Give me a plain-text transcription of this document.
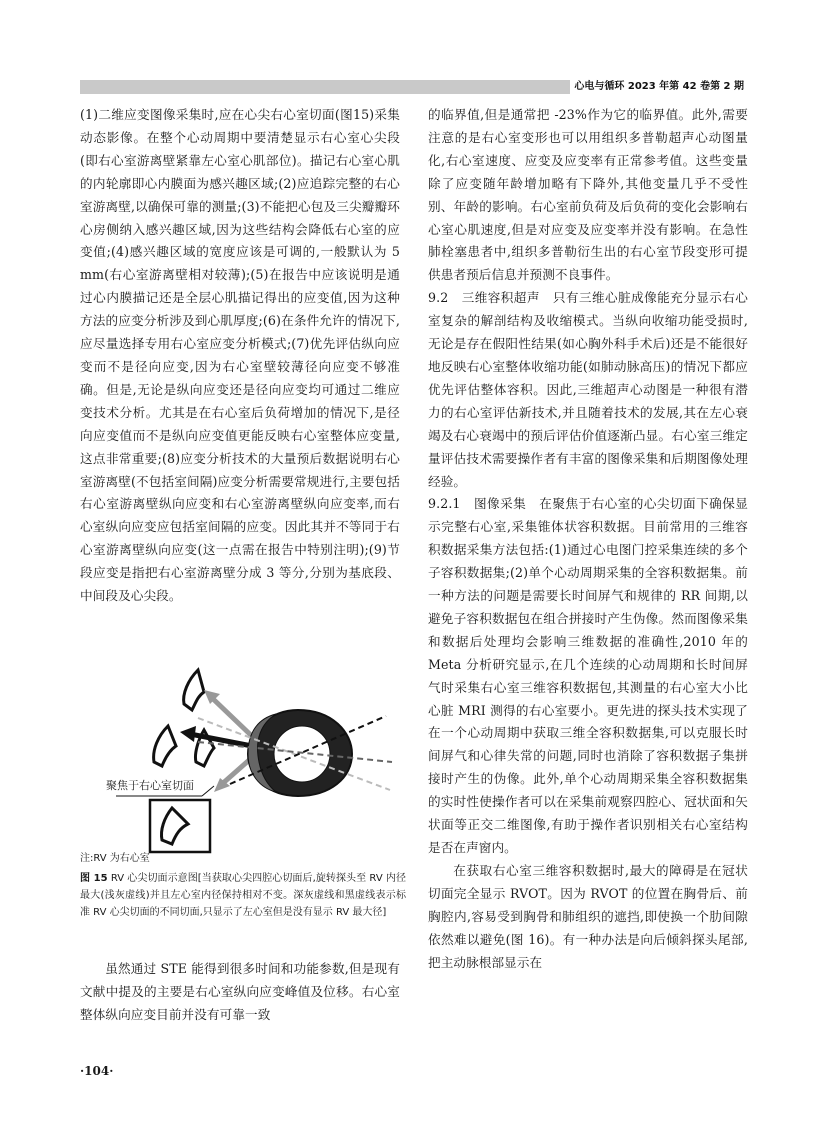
心电与循环 2023 年第 42 卷第 2 期

(1)二维应变图像采集时,应在心尖右心室切面(图15)采集动态影像。在整个心动周期中要清楚显示右心室心尖段(即右心室游离壁紧靠左心室心肌部位)。描记右心室心肌的内轮廓即心内膜面为感兴趣区域;(2)应追踪完整的右心室游离壁,以确保可靠的测量;(3)不能把心包及三尖瓣瓣环心房侧纳入感兴趣区域,因为这些结构会降低右心室的应变值;(4)感兴趣区域的宽度应该是可调的,一般默认为 5 mm(右心室游离壁相对较薄);(5)在报告中应该说明是通过心内膜描记还是全层心肌描记得出的应变值,因为这种方法的应变分析涉及到心肌厚度;(6)在条件允许的情况下,应尽量选择专用右心室应变分析模式;(7)优先评估纵向应变而不是径向应变,因为右心室壁较薄径向应变不够准确。但是,无论是纵向应变还是径向应变均可通过二维应变技术分析。尤其是在右心室后负荷增加的情况下,是径向应变值而不是纵向应变值更能反映右心室整体应变量,这点非常重要;(8)应变分析技术的大量预后数据说明右心室游离壁(不包括室间隔)应变分析需要常规进行,主要包括右心室游离壁纵向应变和右心室游离壁纵向应变率,而右心室纵向应变应包括室间隔的应变。因此其并不等同于右心室游离壁纵向应变(这一点需在报告中特别注明);(9)节段应变是指把右心室游离壁分成 3 等分,分别为基底段、中间段及心尖段。

聚焦于右心室切面
注:RV 为右心室
图 15 RV 心尖切面示意图[当获取心尖四腔心切面后,旋转探头至 RV 内径最大(浅灰虚线)并且左心室内径保持相对不变。深灰虚线和黑虚线表示标准 RV 心尖切面的不同切面,只显示了左心室但是没有显示 RV 最大径]

虽然通过 STE 能得到很多时间和功能参数,但是现有文献中提及的主要是右心室纵向应变峰值及位移。右心室整体纵向应变目前并没有可靠一致

的临界值,但是通常把 -23%作为它的临界值。此外,需要注意的是右心室变形也可以用组织多普勒超声心动图量化,右心室速度、应变及应变率有正常参考值。这些变量除了应变随年龄增加略有下降外,其他变量几乎不受性别、年龄的影响。右心室前负荷及后负荷的变化会影响右心室心肌速度,但是对应变及应变率并没有影响。在急性肺栓塞患者中,组织多普勒衍生出的右心室节段变形可提供患者预后信息并预测不良事件。

9.2　三维容积超声　只有三维心脏成像能充分显示右心室复杂的解剖结构及收缩模式。当纵向收缩功能受损时,无论是存在假阳性结果(如心胸外科手术后)还是不能很好地反映右心室整体收缩功能(如肺动脉高压)的情况下都应优先评估整体容积。因此,三维超声心动图是一种很有潜力的右心室评估新技术,并且随着技术的发展,其在左心衰竭及右心衰竭中的预后评估价值逐渐凸显。右心室三维定量评估技术需要操作者有丰富的图像采集和后期图像处理经验。

9.2.1　图像采集　在聚焦于右心室的心尖切面下确保显示完整右心室,采集锥体状容积数据。目前常用的三维容积数据采集方法包括:(1)通过心电图门控采集连续的多个子容积数据集;(2)单个心动周期采集的全容积数据集。前一种方法的问题是需要长时间屏气和规律的 RR 间期,以避免子容积数据包在组合拼接时产生伪像。然而图像采集和数据后处理均会影响三维数据的准确性,2010 年的 Meta 分析研究显示,在几个连续的心动周期和长时间屏气时采集右心室三维容积数据包,其测量的右心室大小比心脏 MRI 测得的右心室要小。更先进的探头技术实现了在一个心动周期中获取三维全容积数据集,可以克服长时间屏气和心律失常的问题,同时也消除了容积数据子集拼接时产生的伪像。此外,单个心动周期采集全容积数据集的实时性使操作者可以在采集前观察四腔心、冠状面和矢状面等正交二维图像,有助于操作者识别相关右心室结构是否在声窗内。

在获取右心室三维容积数据时,最大的障碍是在冠状切面完全显示 RVOT。因为 RVOT 的位置在胸骨后、前胸腔内,容易受到胸骨和肺组织的遮挡,即使换一个肋间隙依然难以避免(图 16)。有一种办法是向后倾斜探头尾部,把主动脉根部显示在

·104·
